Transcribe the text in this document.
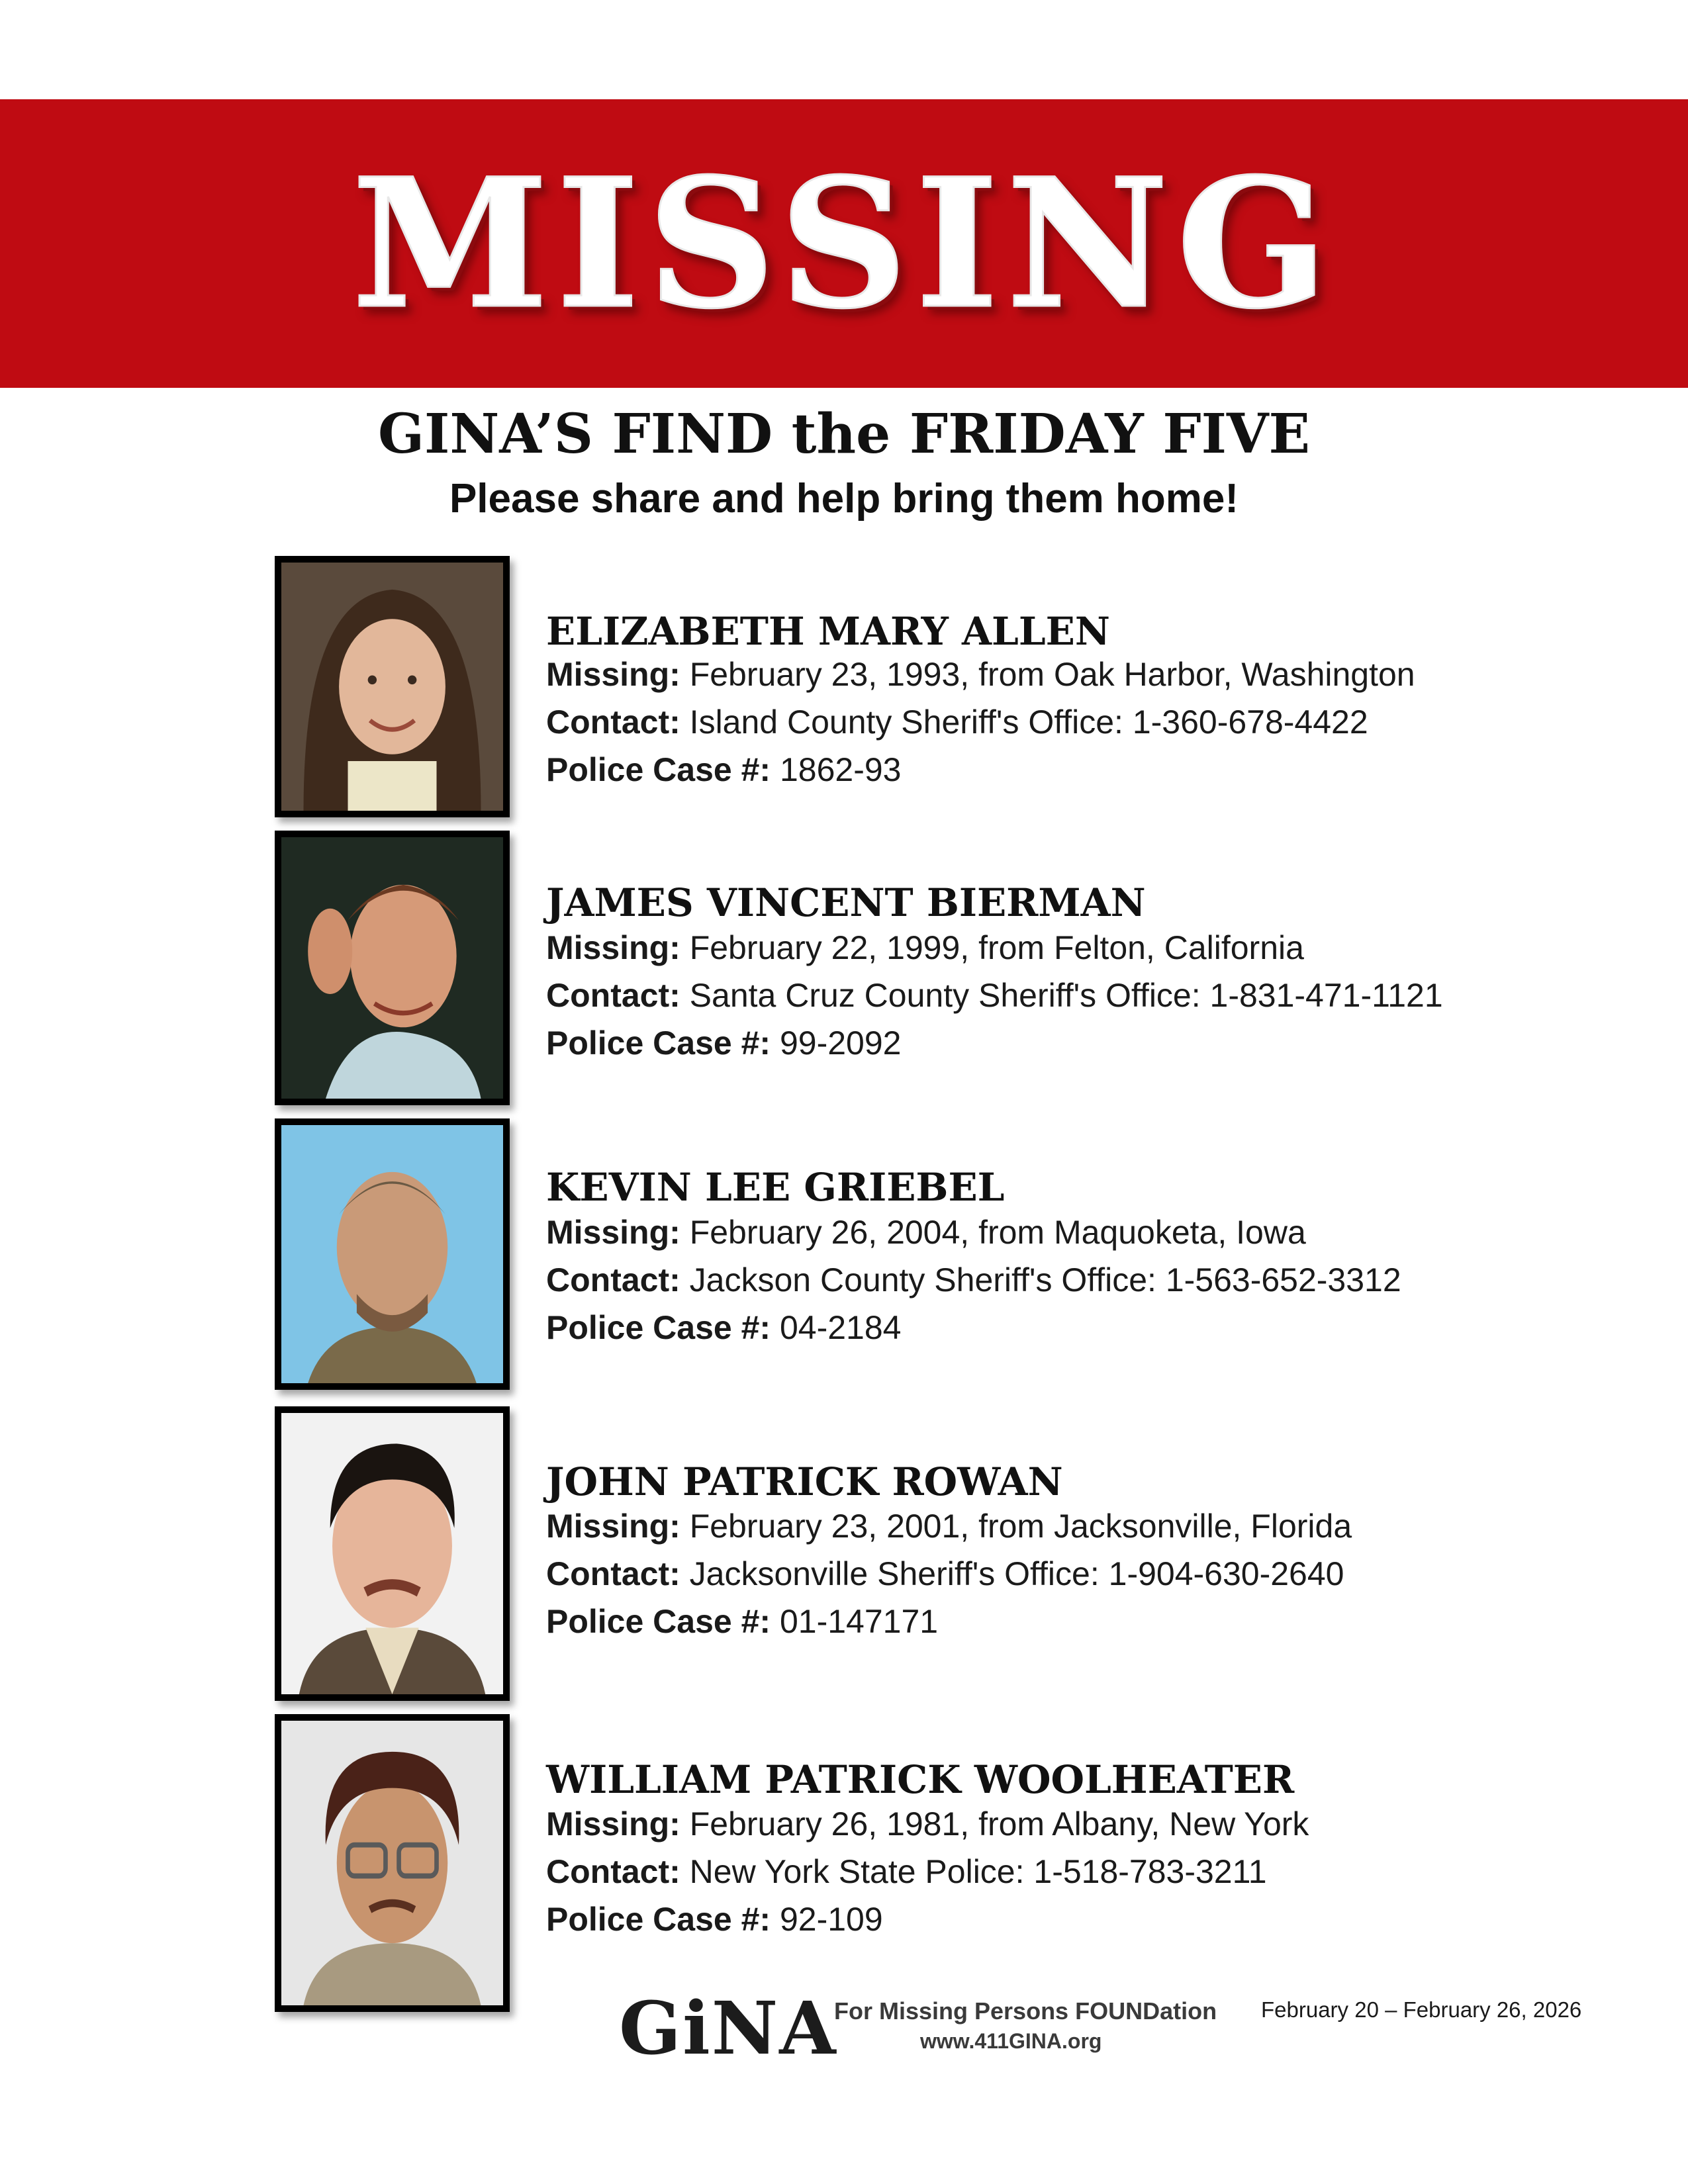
MISSING
GINA’S FIND the FRIDAY FIVE
Please share and help bring them home!
ELIZABETH MARY ALLEN
Missing: February 23, 1993, from Oak Harbor, Washington
Contact: Island County Sheriff's Office: 1-360-678-4422
Police Case #: 1862-93
JAMES VINCENT BIERMAN
Missing: February 22, 1999, from Felton, California
Contact: Santa Cruz County Sheriff's Office: 1-831-471-1121
Police Case #: 99-2092
KEVIN LEE GRIEBEL
Missing: February 26, 2004, from Maquoketa, Iowa
Contact: Jackson County Sheriff's Office: 1-563-652-3312
Police Case #: 04-2184
JOHN PATRICK ROWAN
Missing: February 23, 2001, from Jacksonville, Florida
Contact: Jacksonville Sheriff's Office: 1-904-630-2640
Police Case #: 01-147171
WILLIAM PATRICK WOOLHEATER
Missing: February 26, 1981, from Albany, New York
Contact: New York State Police: 1-518-783-3211
Police Case #: 92-109
GiNA
For Missing Persons FOUNDation
www.411GINA.org
February 20 – February 26, 2026
